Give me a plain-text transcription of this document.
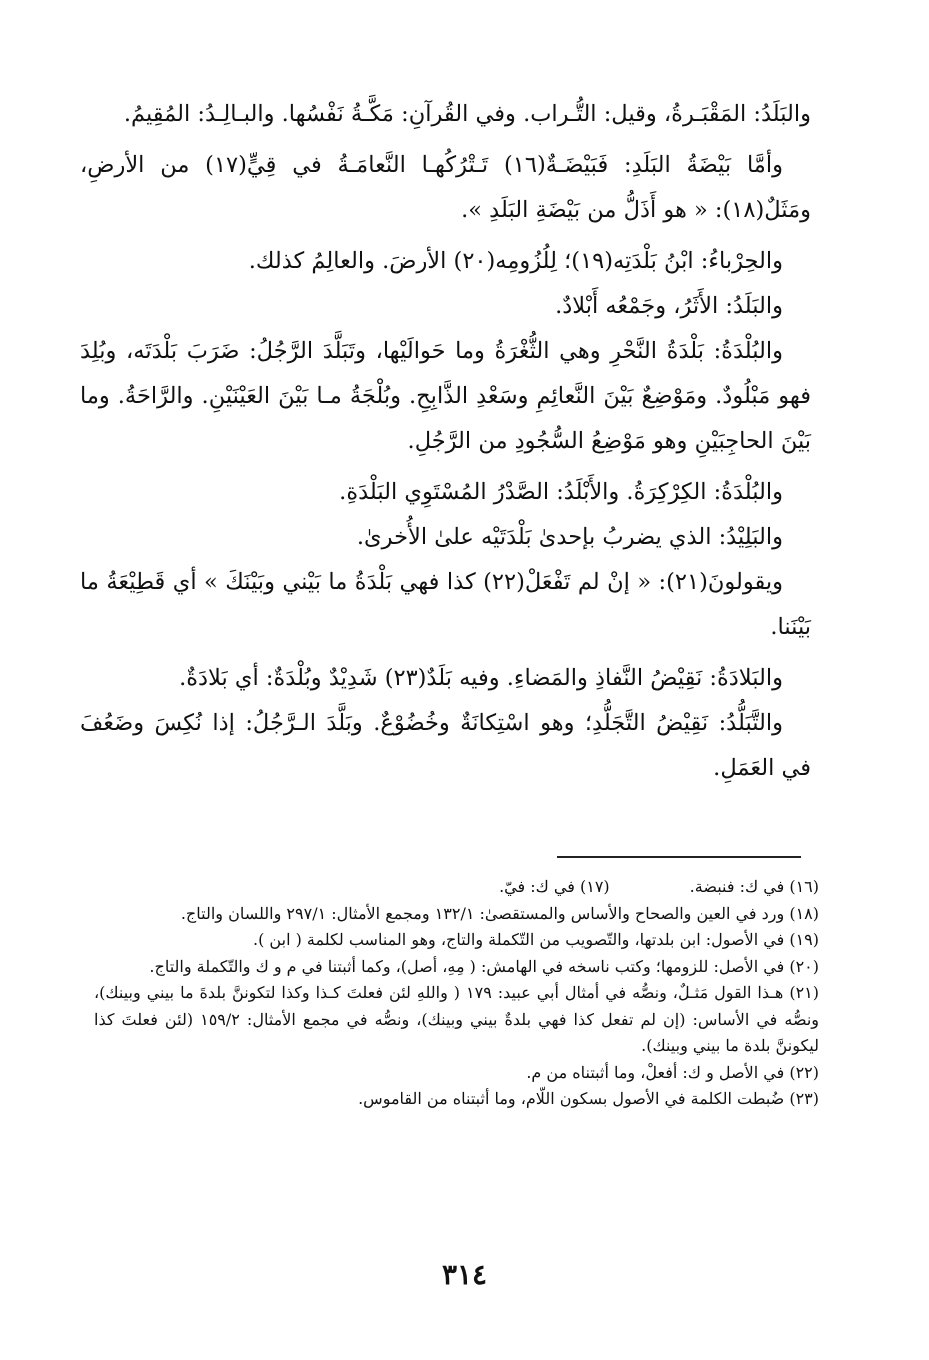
والبَلَدُ: المَقْبَـرةُ، وقيل: التُّـراب. وفي القُرآنِ: مَكَّـةُ نَفْسُها. والبـالِـدُ: المُقِيمُ.

وأمَّا بَيْضَةُ البَلَدِ: فَبَيْضَـةٌ(١٦) تَـتْرُكُهـا النَّعامَـةُ في قِيٍّ(١٧) من الأرضِ، ومَثَلٌ(١٨): « هو أَذَلُّ من بَيْضَةِ البَلَدِ ».

والحِرْباءُ: ابْنُ بَلْدَتِه(١٩)؛ لِلُزُومِه(٢٠) الأرضَ. والعالِمُ كذلك.

والبَلَدُ: الأَثَرُ، وجَمْعُه أَبْلادٌ.

والبُلْدَةُ: بَلْدَةُ النَّحْرِ وهي الثُّغْرَةُ وما حَوالَيْها، وتَبَلَّدَ الرَّجُلُ: ضَرَبَ بَلْدَتَه، وبُلِدَ فهو مَبْلُودٌ. ومَوْضِعٌ بَيْنَ النَّعائِمِ وسَعْدِ الذَّابِحِ. وبُلْجَةُ مـا بَيْنَ العَيْنَيْنِ. والرَّاحَةُ. وما بَيْنَ الحاجِبَيْنِ وهو مَوْضِعُ السُّجُودِ من الرَّجُلِ.

والبُلْدَةُ: الكِرْكِرَةُ. والأَبْلَدُ: الصَّدْرُ المُسْتَوِي البَلْدَةِ.

والبَلِيْدُ: الذي يضربُ بإحدىٰ بَلْدَتَيْه علىٰ الأُخرىٰ.

ويقولونَ(٢١): « إنْ لم تَفْعَلْ(٢٢) كذا فهي بَلْدَةُ ما بَيْني وبَيْنَكَ » أي قَطِيْعَةُ ما بَيْنَنا.

والبَلادَةُ: نَقِيْضُ النَّفاذِ والمَضاءِ. وفيه بَلَدٌ(٢٣) شَدِيْدٌ وبُلْدَةٌ: أي بَلادَةٌ.

والتَّبَلُّدُ: نَقِيْضُ التَّجَلُّدِ؛ وهو اسْتِكانَةٌ وخُضُوْعٌ. وبَلَّدَ الـرَّجُلُ: إذا نُكِسَ وضَعُفَ في العَمَلِ.

(١٦) في ك: فنبضة.
(١٧) في ك: فيّ.

(١٨) ورد في العين والصحاح والأساس والمستقصىٰ: ١٣٢/١ ومجمع الأمثال: ٢٩٧/١ واللسان والتاج.

(١٩) في الأصول: ابن بلدتها، والتّصويب من التّكملة والتاج، وهو المناسب لكلمة ( ابن ).

(٢٠) في الأصل: للزومها؛ وكتب ناسخه في الهامش: ( مِهِ، أصل)، وكما أثبتنا في م و ك والتّكملة والتاج.

(٢١) هـذا القول مَثـلٌ، ونصُّه في أمثال أبي عبيد: ١٧٩ ( واللهِ لئن فعلتَ كـذا وكذا لتكوننَّ بلدةَ ما بيني وبينك)، ونصُّه في الأساس: (إن لم تفعل كذا فهي بلدةٌ بيني وبينك)، ونصُّه في مجمع الأمثال: ١٥٩/٢ (لئن فعلتَ كذا ليكوننَّ بلدة ما بيني وبينك).

(٢٢) في الأصل و ك: أفعلْ، وما أثبتناه من م.

(٢٣) ضُبطت الكلمة في الأصول بسكون اللّام، وما أثبتناه من القاموس.

٣١٤
